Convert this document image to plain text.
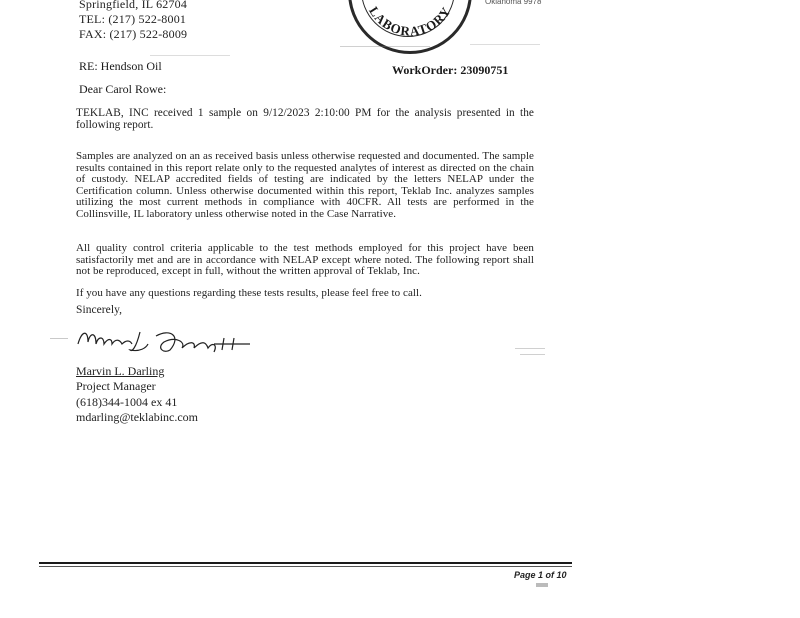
Springfield, IL 62704
TEL: (217) 522-8001
FAX: (217) 522-8009
Oklahoma 9978
LABORATORY
RE: Hendson Oil	WorkOrder: 23090751
Dear Carol Rowe:
TEKLAB, INC received 1 sample on 9/12/2023 2:10:00 PM for the analysis presented in the following report.
Samples are analyzed on an as received basis unless otherwise requested and documented. The sample results contained in this report relate only to the requested analytes of interest as directed on the chain of custody. NELAP accredited fields of testing are indicated by the letters NELAP under the Certification column. Unless otherwise documented within this report, Teklab Inc. analyzes samples utilizing the most current methods in compliance with 40CFR. All tests are performed in the Collinsville, IL laboratory unless otherwise noted in the Case Narrative.
All quality control criteria applicable to the test methods employed for this project have been satisfactorily met and are in accordance with NELAP except where noted. The following report shall not be reproduced, except in full, without the written approval of Teklab, Inc.
If you have any questions regarding these tests results, please feel free to call.
Sincerely,
Marvin L. Darling
Project Manager
(618)344-1004 ex 41
mdarling@teklabinc.com
Page 1 of 10
